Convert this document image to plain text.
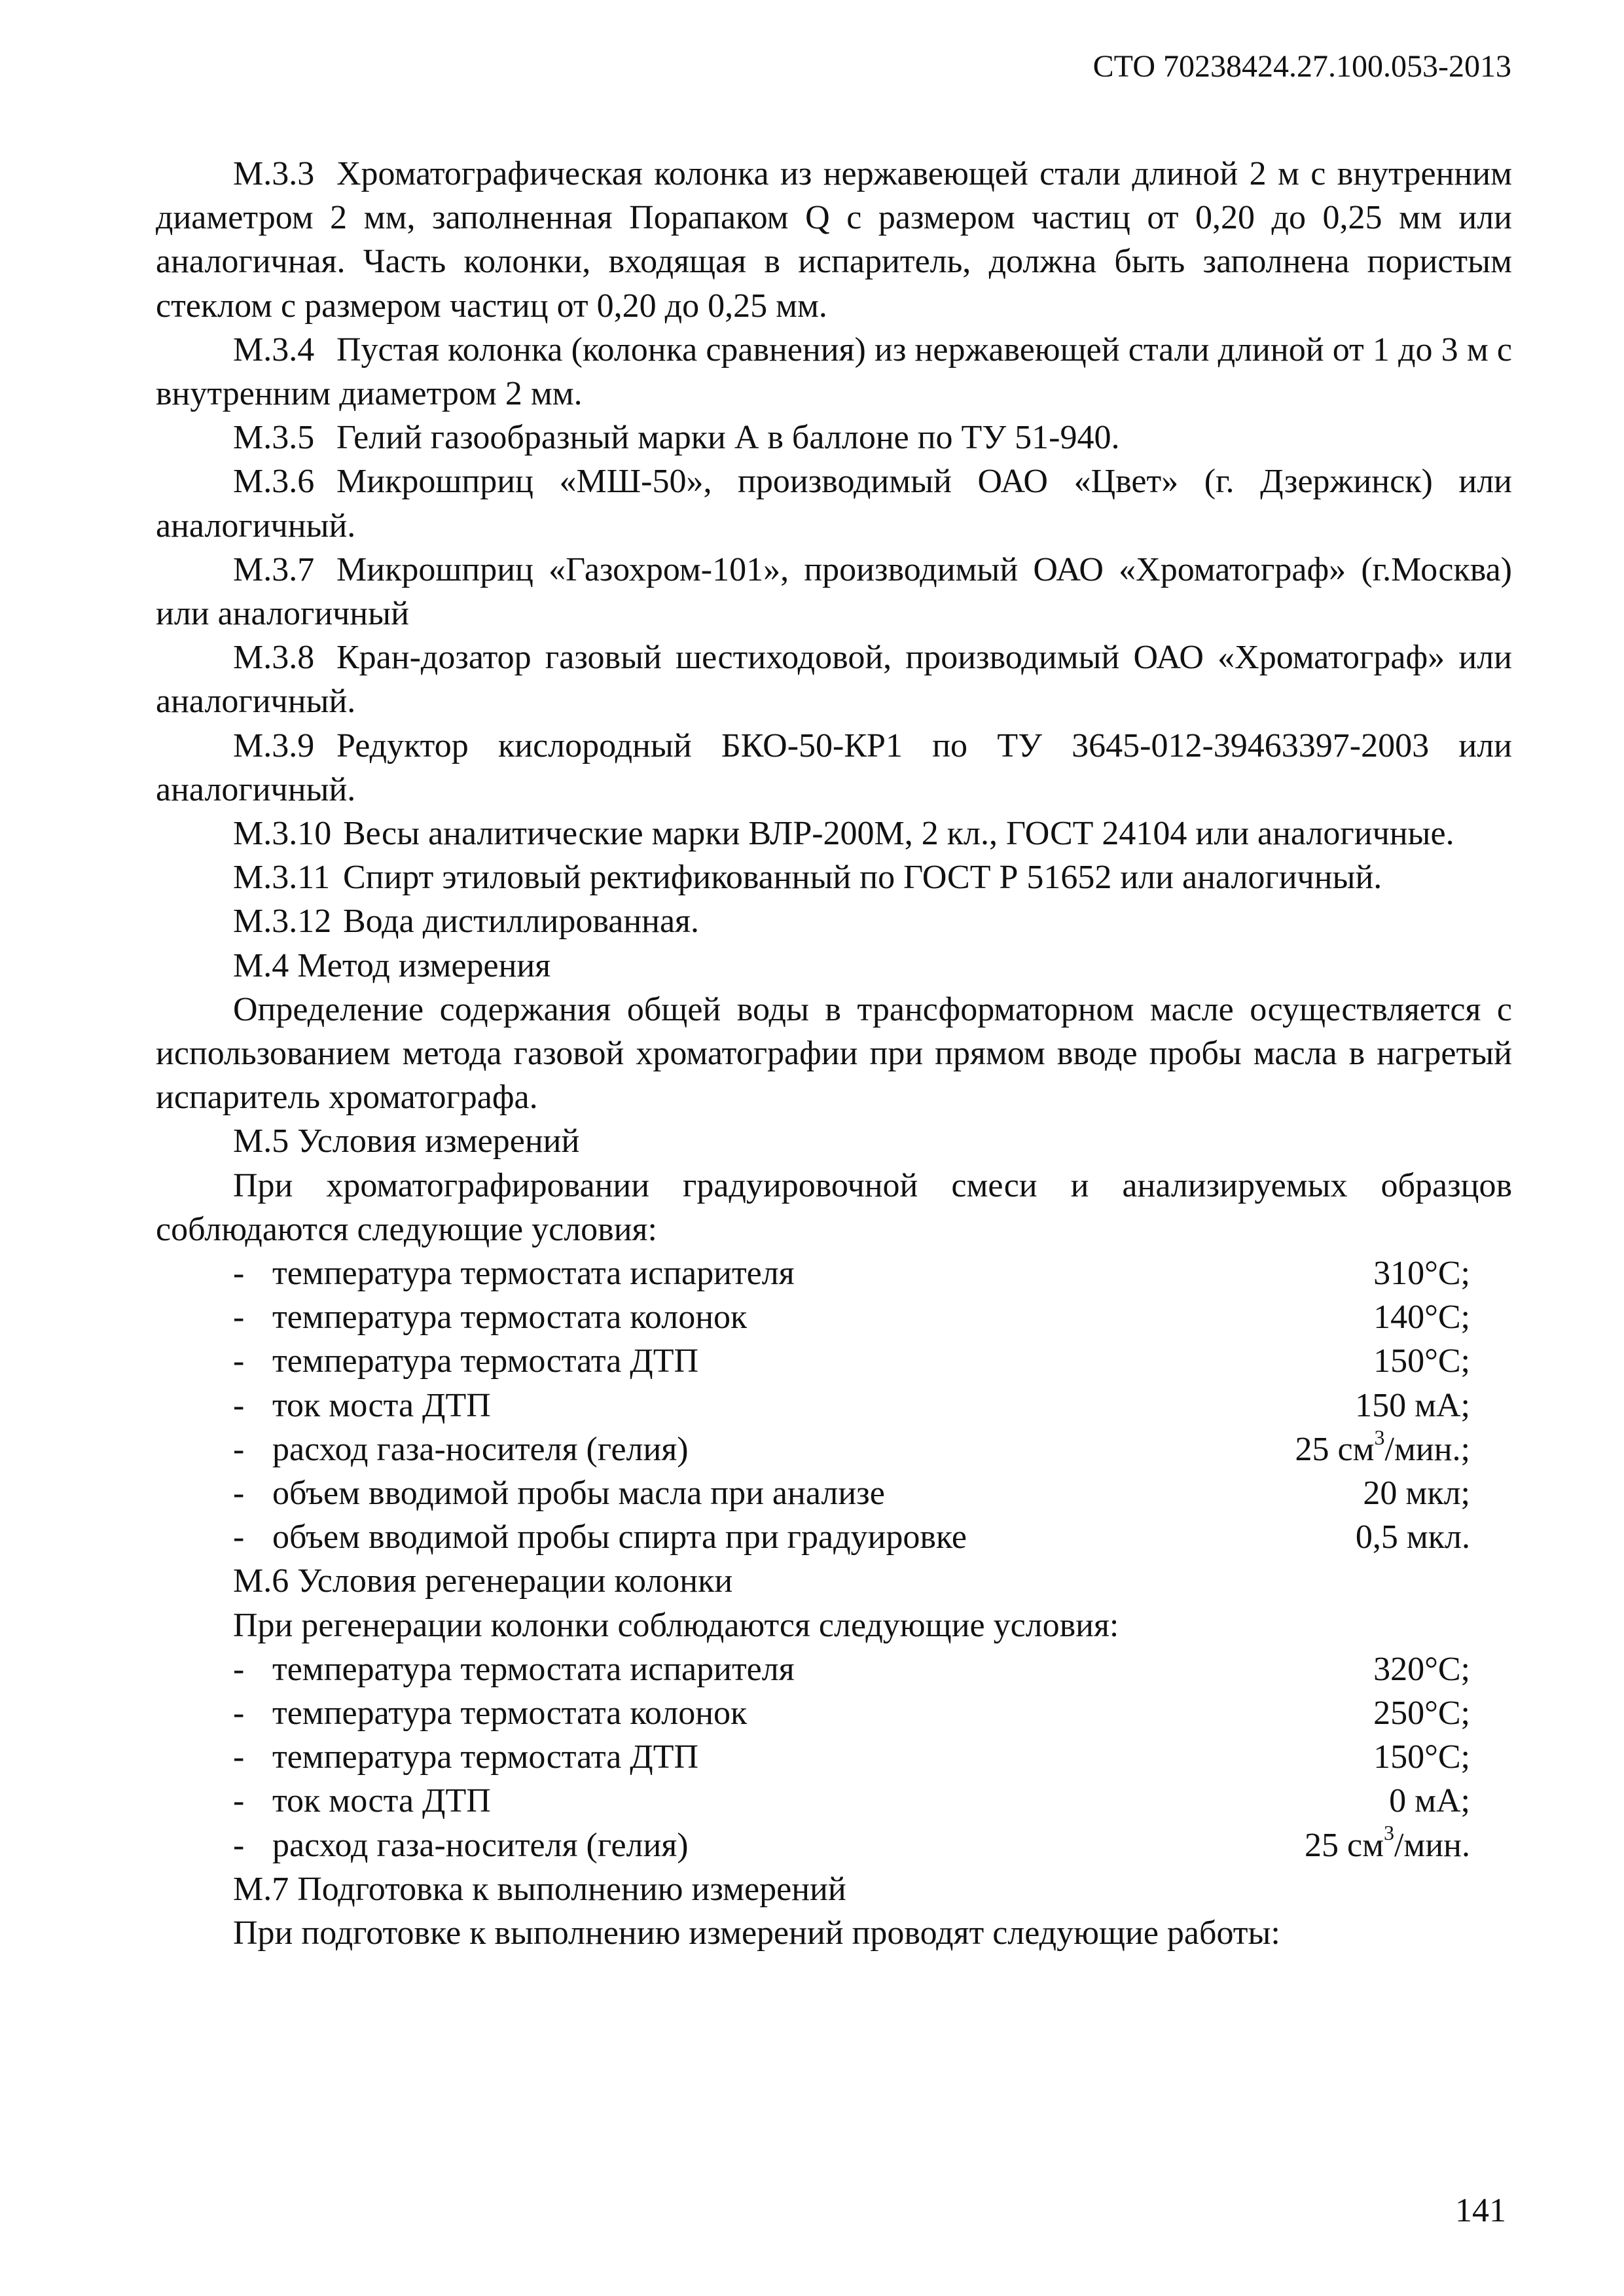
СТО 70238424.27.100.053-2013

М.3.3 Хроматографическая колонка из нержавеющей стали длиной 2 м с внутренним диаметром 2 мм, заполненная Порапаком Q с размером частиц от 0,20 до 0,25 мм или аналогичная. Часть колонки, входящая в испаритель, должна быть заполнена пористым стеклом с размером частиц от 0,20 до 0,25 мм.

М.3.4 Пустая колонка (колонка сравнения) из нержавеющей стали длиной от 1 до 3 м с внутренним диаметром 2 мм.

М.3.5 Гелий газообразный марки А в баллоне по ТУ 51-940.

М.3.6 Микрошприц «МШ-50», производимый ОАО «Цвет» (г. Дзержинск) или аналогичный.

М.3.7 Микрошприц «Газохром-101», производимый ОАО «Хроматограф» (г.Москва) или аналогичный

М.3.8 Кран-дозатор газовый шестиходовой, производимый ОАО «Хроматограф» или аналогичный.

М.3.9 Редуктор кислородный БКО-50-КР1 по ТУ 3645-012-39463397-2003 или аналогичный.

М.3.10 Весы аналитические марки ВЛР-200М, 2 кл., ГОСТ 24104 или аналогичные.

М.3.11 Спирт этиловый ректификованный по ГОСТ Р 51652 или аналогичный.

М.3.12 Вода дистиллированная.

М.4 Метод измерения

Определение содержания общей воды в трансформаторном масле осуществляется с использованием метода газовой хроматографии при прямом вводе пробы масла в нагретый испаритель хроматографа.

М.5 Условия измерений

При хроматографировании градуировочной смеси и анализируемых образцов соблюдаются следующие условия:

- температура термостата испарителя	310°С;
- температура термостата колонок	140°С;
- температура термостата ДТП	150°С;
- ток моста ДТП	150 мА;
- расход газа-носителя (гелия)	25 $см^3$/мин.;
- объем вводимой пробы масла при анализе	20 мкл;
- объем вводимой пробы спирта при градуировке	0,5 мкл.

М.6 Условия регенерации колонки

При регенерации колонки соблюдаются следующие условия:

- температура термостата испарителя	320°С;
- температура термостата колонок	250°С;
- температура термостата ДТП	150°С;
- ток моста ДТП	0 мА;
- расход газа-носителя (гелия)	25 $см^3$/мин.

М.7 Подготовка к выполнению измерений

При подготовке к выполнению измерений проводят следующие работы:

141
